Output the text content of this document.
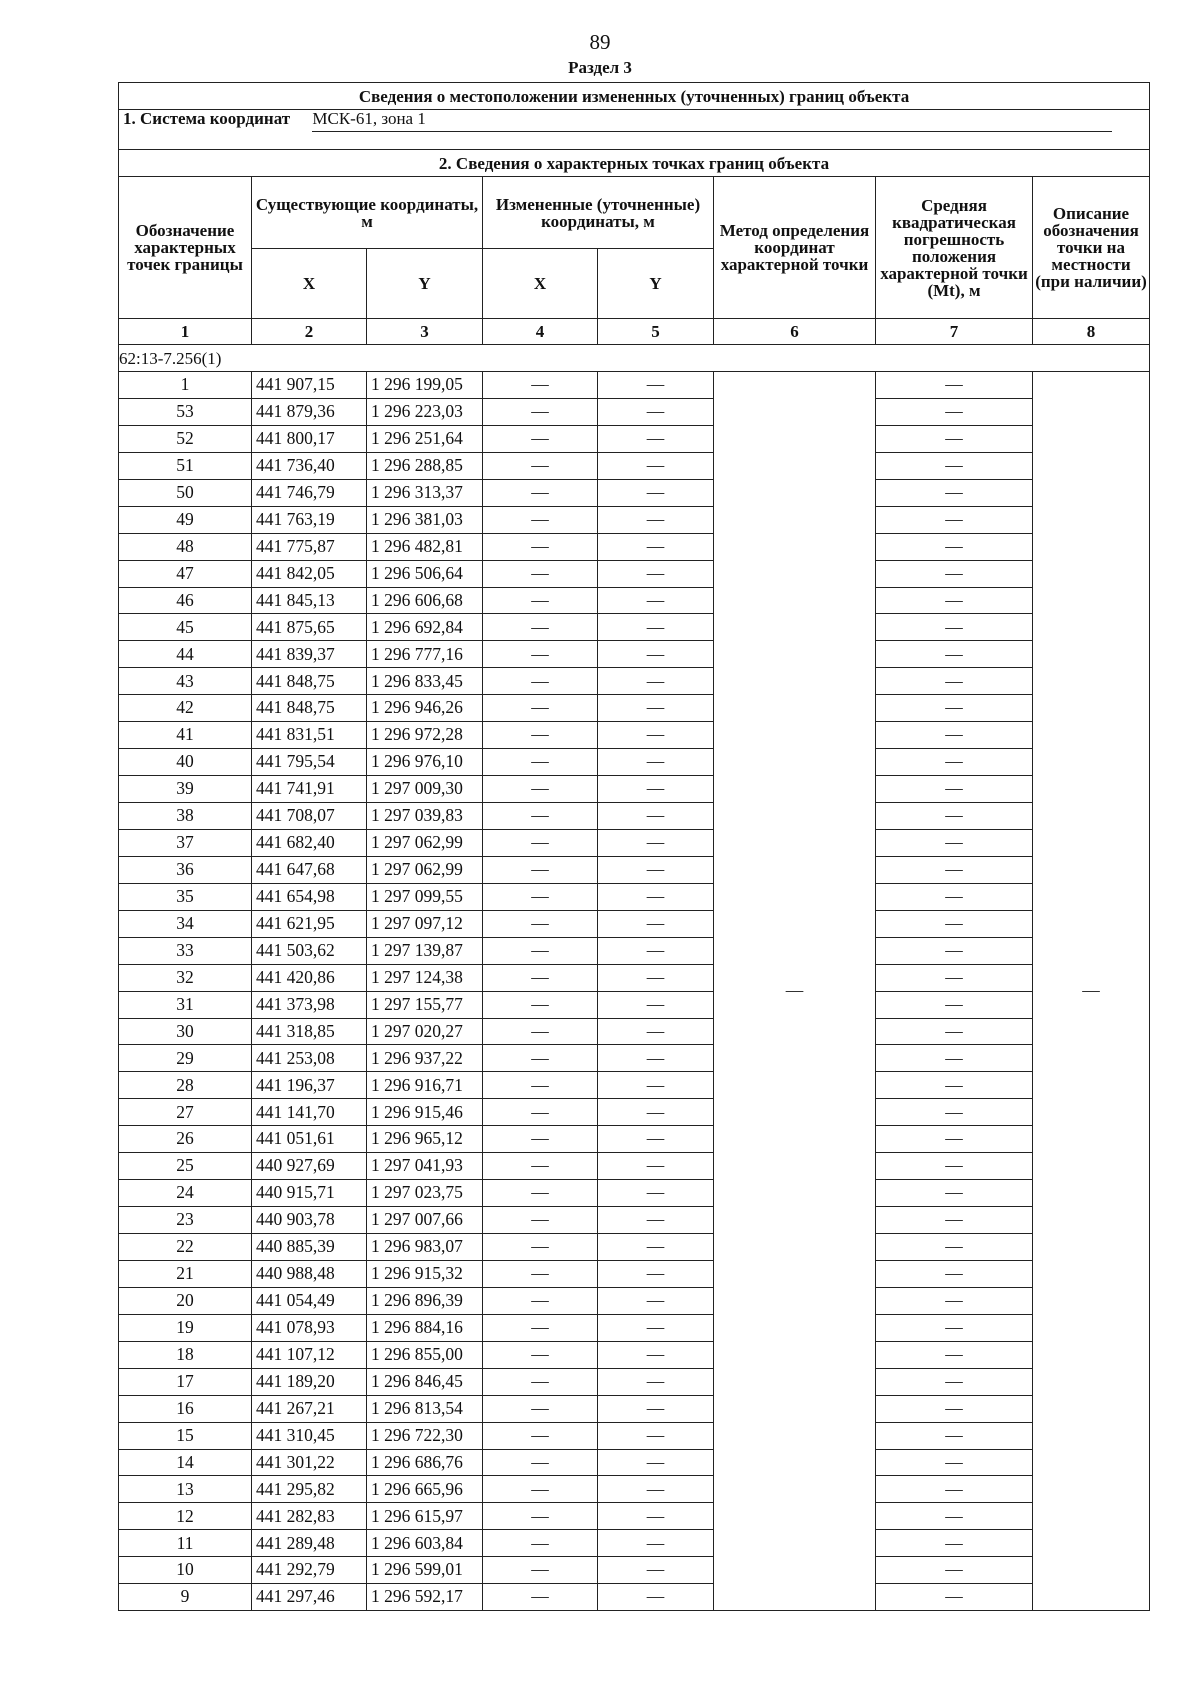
89
Раздел 3
Сведения о местоположении измененных (уточненных) границ объекта							
1. Система координат МСК-61, зона 1							
2. Сведения о характерных точках границ объекта							
Обозначение характерных точек границы	Существующие координаты, м		Измененные (уточненные) координаты, м		Метод определения координат характерной точки	Средняя квадратическая погрешность положения характерной точки (Mt), м	Описание обозначения точки на местности (при наличии)
	X	Y	X	Y			
1	2	3	4	5	6	7	8
62:13-7.256(1)							
1	441 907,15	1 296 199,05	—	—	—	—	—
53	441 879,36	1 296 223,03	—	—		—	
52	441 800,17	1 296 251,64	—	—		—	
51	441 736,40	1 296 288,85	—	—		—	
50	441 746,79	1 296 313,37	—	—		—	
49	441 763,19	1 296 381,03	—	—		—	
48	441 775,87	1 296 482,81	—	—		—	
47	441 842,05	1 296 506,64	—	—		—	
46	441 845,13	1 296 606,68	—	—		—	
45	441 875,65	1 296 692,84	—	—		—	
44	441 839,37	1 296 777,16	—	—		—	
43	441 848,75	1 296 833,45	—	—		—	
42	441 848,75	1 296 946,26	—	—		—	
41	441 831,51	1 296 972,28	—	—		—	
40	441 795,54	1 296 976,10	—	—		—	
39	441 741,91	1 297 009,30	—	—		—	
38	441 708,07	1 297 039,83	—	—		—	
37	441 682,40	1 297 062,99	—	—		—	
36	441 647,68	1 297 062,99	—	—		—	
35	441 654,98	1 297 099,55	—	—		—	
34	441 621,95	1 297 097,12	—	—		—	
33	441 503,62	1 297 139,87	—	—		—	
32	441 420,86	1 297 124,38	—	—		—	
31	441 373,98	1 297 155,77	—	—		—	
30	441 318,85	1 297 020,27	—	—		—	
29	441 253,08	1 296 937,22	—	—		—	
28	441 196,37	1 296 916,71	—	—		—	
27	441 141,70	1 296 915,46	—	—		—	
26	441 051,61	1 296 965,12	—	—		—	
25	440 927,69	1 297 041,93	—	—		—	
24	440 915,71	1 297 023,75	—	—		—	
23	440 903,78	1 297 007,66	—	—		—	
22	440 885,39	1 296 983,07	—	—		—	
21	440 988,48	1 296 915,32	—	—		—	
20	441 054,49	1 296 896,39	—	—		—	
19	441 078,93	1 296 884,16	—	—		—	
18	441 107,12	1 296 855,00	—	—		—	
17	441 189,20	1 296 846,45	—	—		—	
16	441 267,21	1 296 813,54	—	—		—	
15	441 310,45	1 296 722,30	—	—		—	
14	441 301,22	1 296 686,76	—	—		—	
13	441 295,82	1 296 665,96	—	—		—	
12	441 282,83	1 296 615,97	—	—		—	
11	441 289,48	1 296 603,84	—	—		—	
10	441 292,79	1 296 599,01	—	—		—	
9	441 297,46	1 296 592,17	—	—		—	
